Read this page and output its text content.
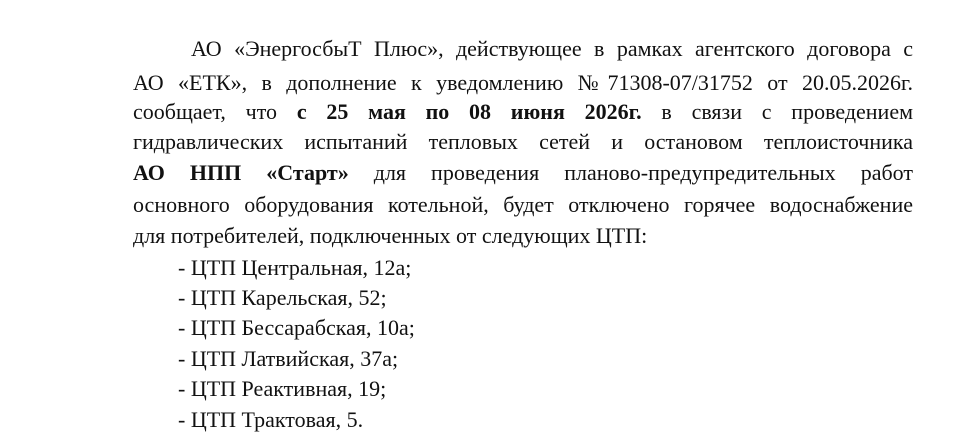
АО «ЭнергосбыТ Плюс», действующее в рамках агентского договора с
АО «ЕТК», в дополнение к уведомлению №71308-07/31752 от 20.05.2026г.
сообщает, что с 25 мая по 08 июня 2026г. в связи с проведением
гидравлических испытаний тепловых сетей и остановом теплоисточника
АО НПП «Старт» для проведения планово-предупредительных работ
основного оборудования котельной, будет отключено горячее водоснабжение
для потребителей, подключенных от следующих ЦТП:
- ЦТП Центральная, 12а;
- ЦТП Карельская, 52;
- ЦТП Бессарабская, 10а;
- ЦТП Латвийская, 37а;
- ЦТП Реактивная, 19;
- ЦТП Трактовая, 5.
